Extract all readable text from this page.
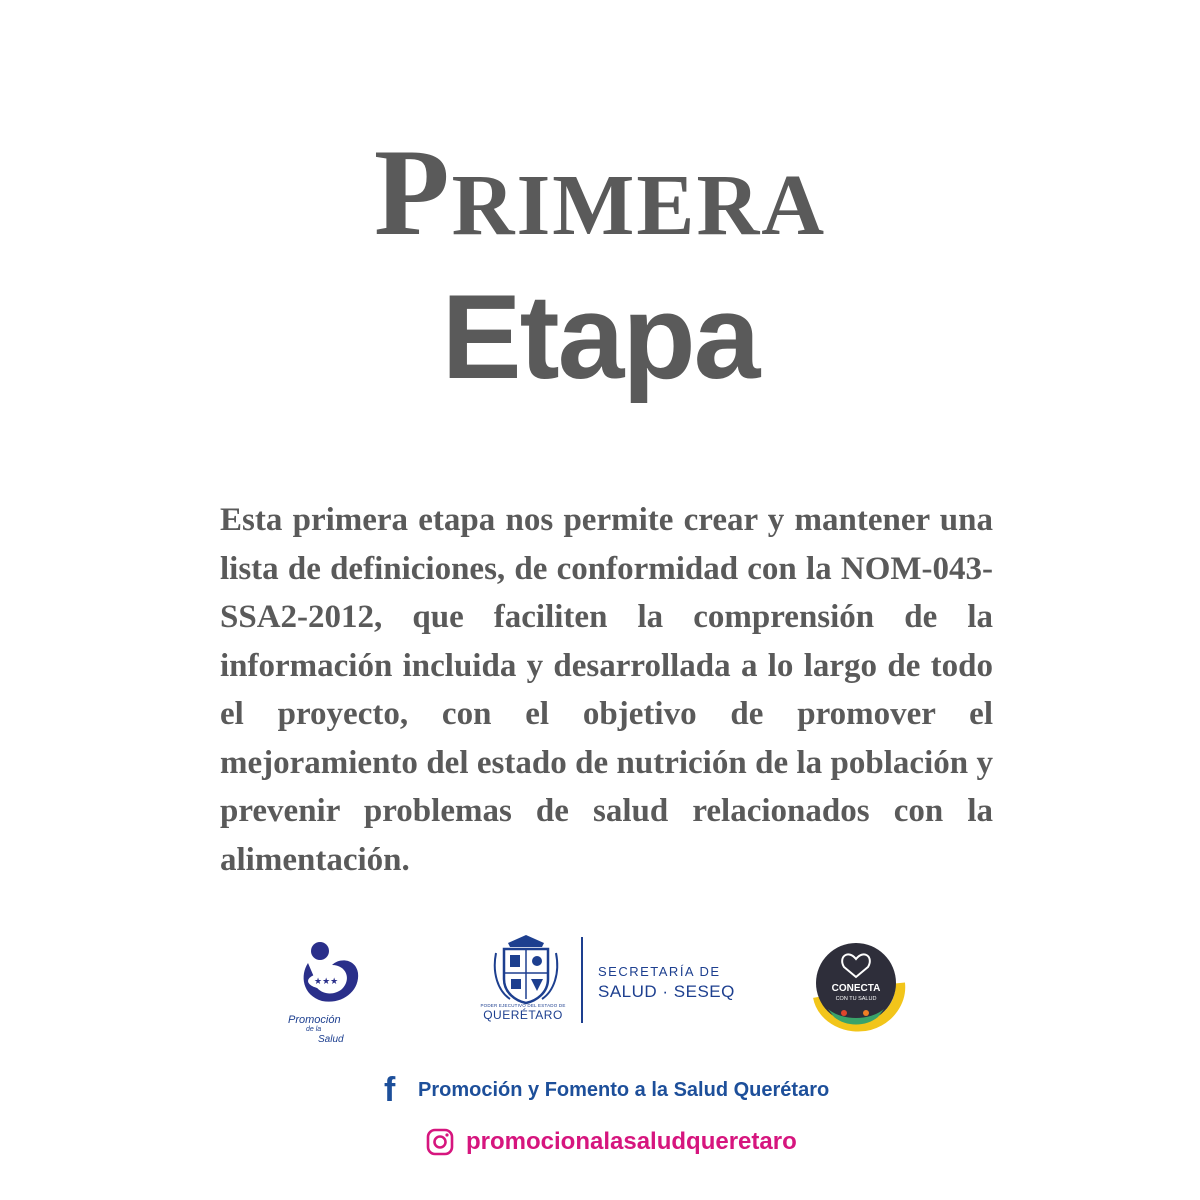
Primera
Etapa

Esta primera etapa nos permite crear y mantener una lista de definiciones, de conformidad con la NOM-043-SSA2-2012, que faciliten la comprensión de la información incluida y desarrollada a lo largo de todo el proyecto, con el objetivo de promover el mejoramiento del estado de nutrición de la población y prevenir problemas de salud relacionados con la alimentación.

★★★
Promoción
de la
Salud
PODER EJECUTIVO DEL ESTADO DE
QUERÉTARO
SECRETARÍA DE
SALUD · SESEQ	CONECTA
CON TU SALUD
f	Promoción y Fomento a la Salud Querétaro
promocionalasaludqueretaro
